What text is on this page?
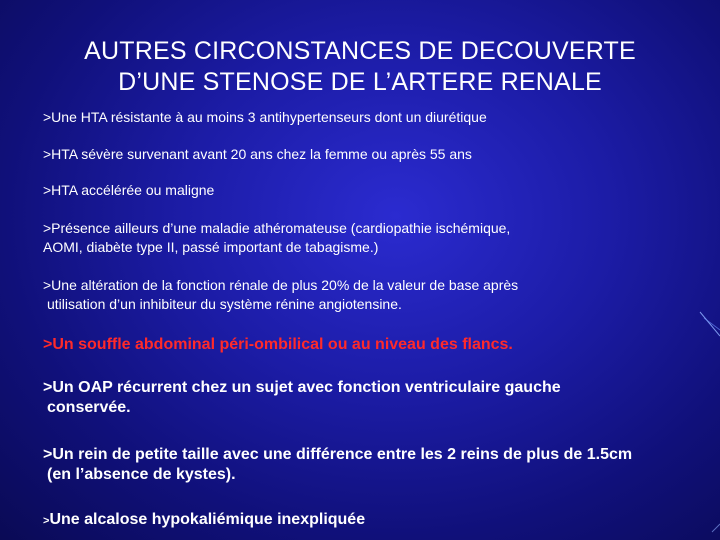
AUTRES CIRCONSTANCES DE DECOUVERTE
D’UNE STENOSE DE L’ARTERE RENALE
>Une HTA résistante à au moins 3 antihypertenseurs dont un diurétique
>HTA sévère survenant avant 20 ans chez la femme ou après 55 ans
>HTA accélérée ou maligne
>Présence ailleurs d’une maladie athéromateuse (cardiopathie ischémique,
AOMI, diabète type II, passé important de tabagisme.)
>Une altération de la fonction rénale de plus 20% de la valeur de base après
utilisation d’un inhibiteur du système rénine angiotensine.
>Un souffle abdominal péri-ombilical ou au niveau des flancs.
>Un OAP récurrent chez un sujet avec fonction ventriculaire gauche
conservée.
>Un rein de petite taille avec une différence entre les 2 reins de plus de 1.5cm
(en l’absence de kystes).
>Une alcalose hypokaliémique inexpliquée
